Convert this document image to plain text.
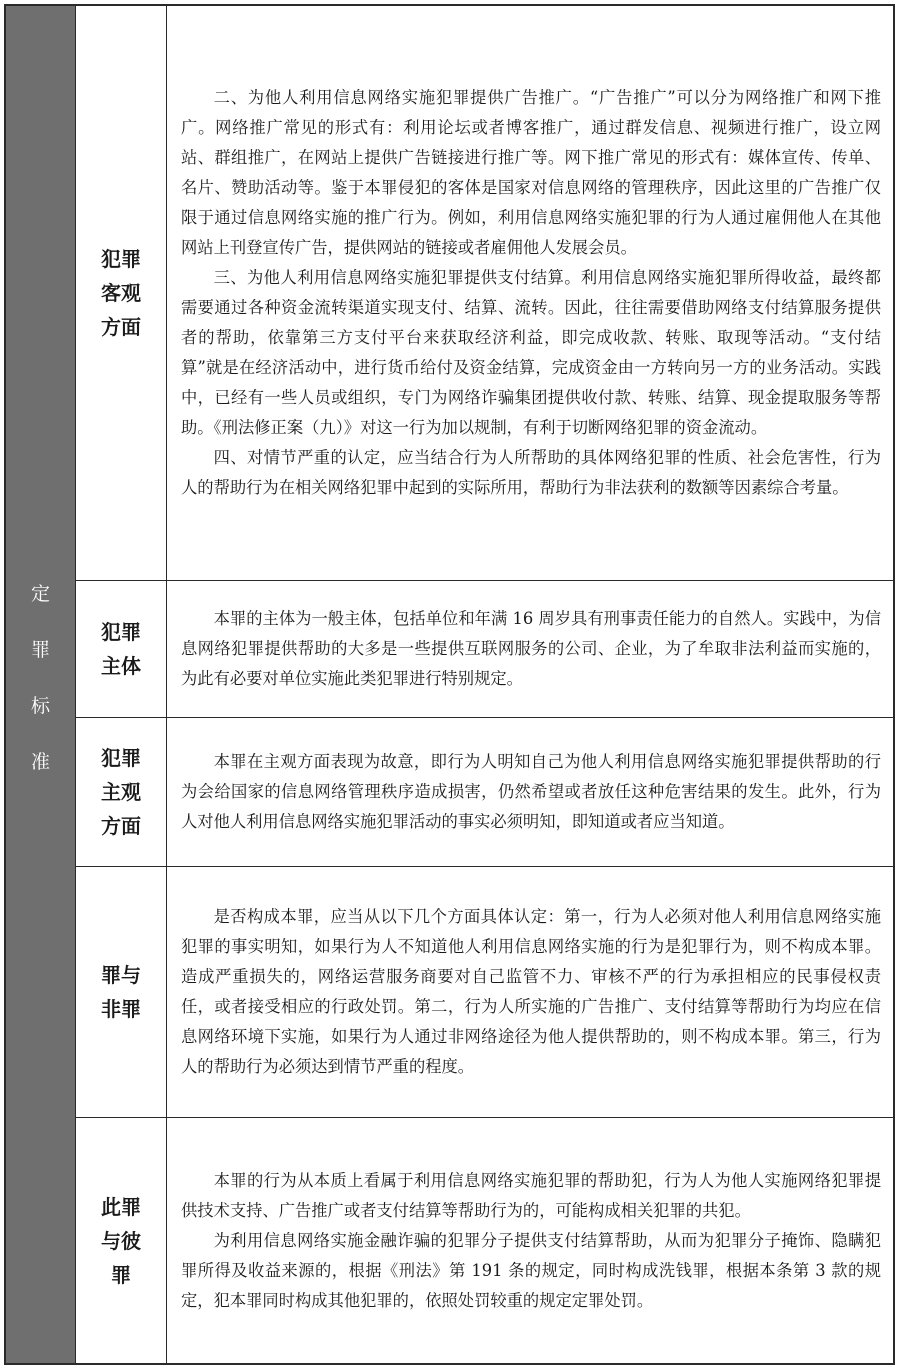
定
罪
标
准
犯罪客观方面

二、为他人利用信息网络实施犯罪提供广告推广。“广告推广”可以分为网络推广和网下推广。网络推广常见的形式有：利用论坛或者博客推广，通过群发信息、视频进行推广，设立网站、群组推广，在网站上提供广告链接进行推广等。网下推广常见的形式有：媒体宣传、传单、名片、赞助活动等。鉴于本罪侵犯的客体是国家对信息网络的管理秩序，因此这里的广告推广仅限于通过信息网络实施的推广行为。例如，利用信息网络实施犯罪的行为人通过雇佣他人在其他网站上刊登宣传广告，提供网站的链接或者雇佣他人发展会员。

三、为他人利用信息网络实施犯罪提供支付结算。利用信息网络实施犯罪所得收益，最终都需要通过各种资金流转渠道实现支付、结算、流转。因此，往往需要借助网络支付结算服务提供者的帮助，依靠第三方支付平台来获取经济利益，即完成收款、转账、取现等活动。“支付结算”就是在经济活动中，进行货币给付及资金结算，完成资金由一方转向另一方的业务活动。实践中，已经有一些人员或组织，专门为网络诈骗集团提供收付款、转账、结算、现金提取服务等帮助。《刑法修正案（九）》对这一行为加以规制，有利于切断网络犯罪的资金流动。

四、对情节严重的认定，应当结合行为人所帮助的具体网络犯罪的性质、社会危害性，行为人的帮助行为在相关网络犯罪中起到的实际所用，帮助行为非法获利的数额等因素综合考量。

犯罪主体

本罪的主体为一般主体，包括单位和年满 16 周岁具有刑事责任能力的自然人。实践中，为信息网络犯罪提供帮助的大多是一些提供互联网服务的公司、企业，为了牟取非法利益而实施的，为此有必要对单位实施此类犯罪进行特别规定。

犯罪主观方面

本罪在主观方面表现为故意，即行为人明知自己为他人利用信息网络实施犯罪提供帮助的行为会给国家的信息网络管理秩序造成损害，仍然希望或者放任这种危害结果的发生。此外，行为人对他人利用信息网络实施犯罪活动的事实必须明知，即知道或者应当知道。

罪与非罪

是否构成本罪，应当从以下几个方面具体认定：第一，行为人必须对他人利用信息网络实施犯罪的事实明知，如果行为人不知道他人利用信息网络实施的行为是犯罪行为，则不构成本罪。造成严重损失的，网络运营服务商要对自己监管不力、审核不严的行为承担相应的民事侵权责任，或者接受相应的行政处罚。第二，行为人所实施的广告推广、支付结算等帮助行为均应在信息网络环境下实施，如果行为人通过非网络途径为他人提供帮助的，则不构成本罪。第三，行为人的帮助行为必须达到情节严重的程度。

此罪与彼罪

本罪的行为从本质上看属于利用信息网络实施犯罪的帮助犯，行为人为他人实施网络犯罪提供技术支持、广告推广或者支付结算等帮助行为的，可能构成相关犯罪的共犯。

为利用信息网络实施金融诈骗的犯罪分子提供支付结算帮助，从而为犯罪分子掩饰、隐瞒犯罪所得及收益来源的，根据《刑法》第 191 条的规定，同时构成洗钱罪，根据本条第 3 款的规定，犯本罪同时构成其他犯罪的，依照处罚较重的规定定罪处罚。
